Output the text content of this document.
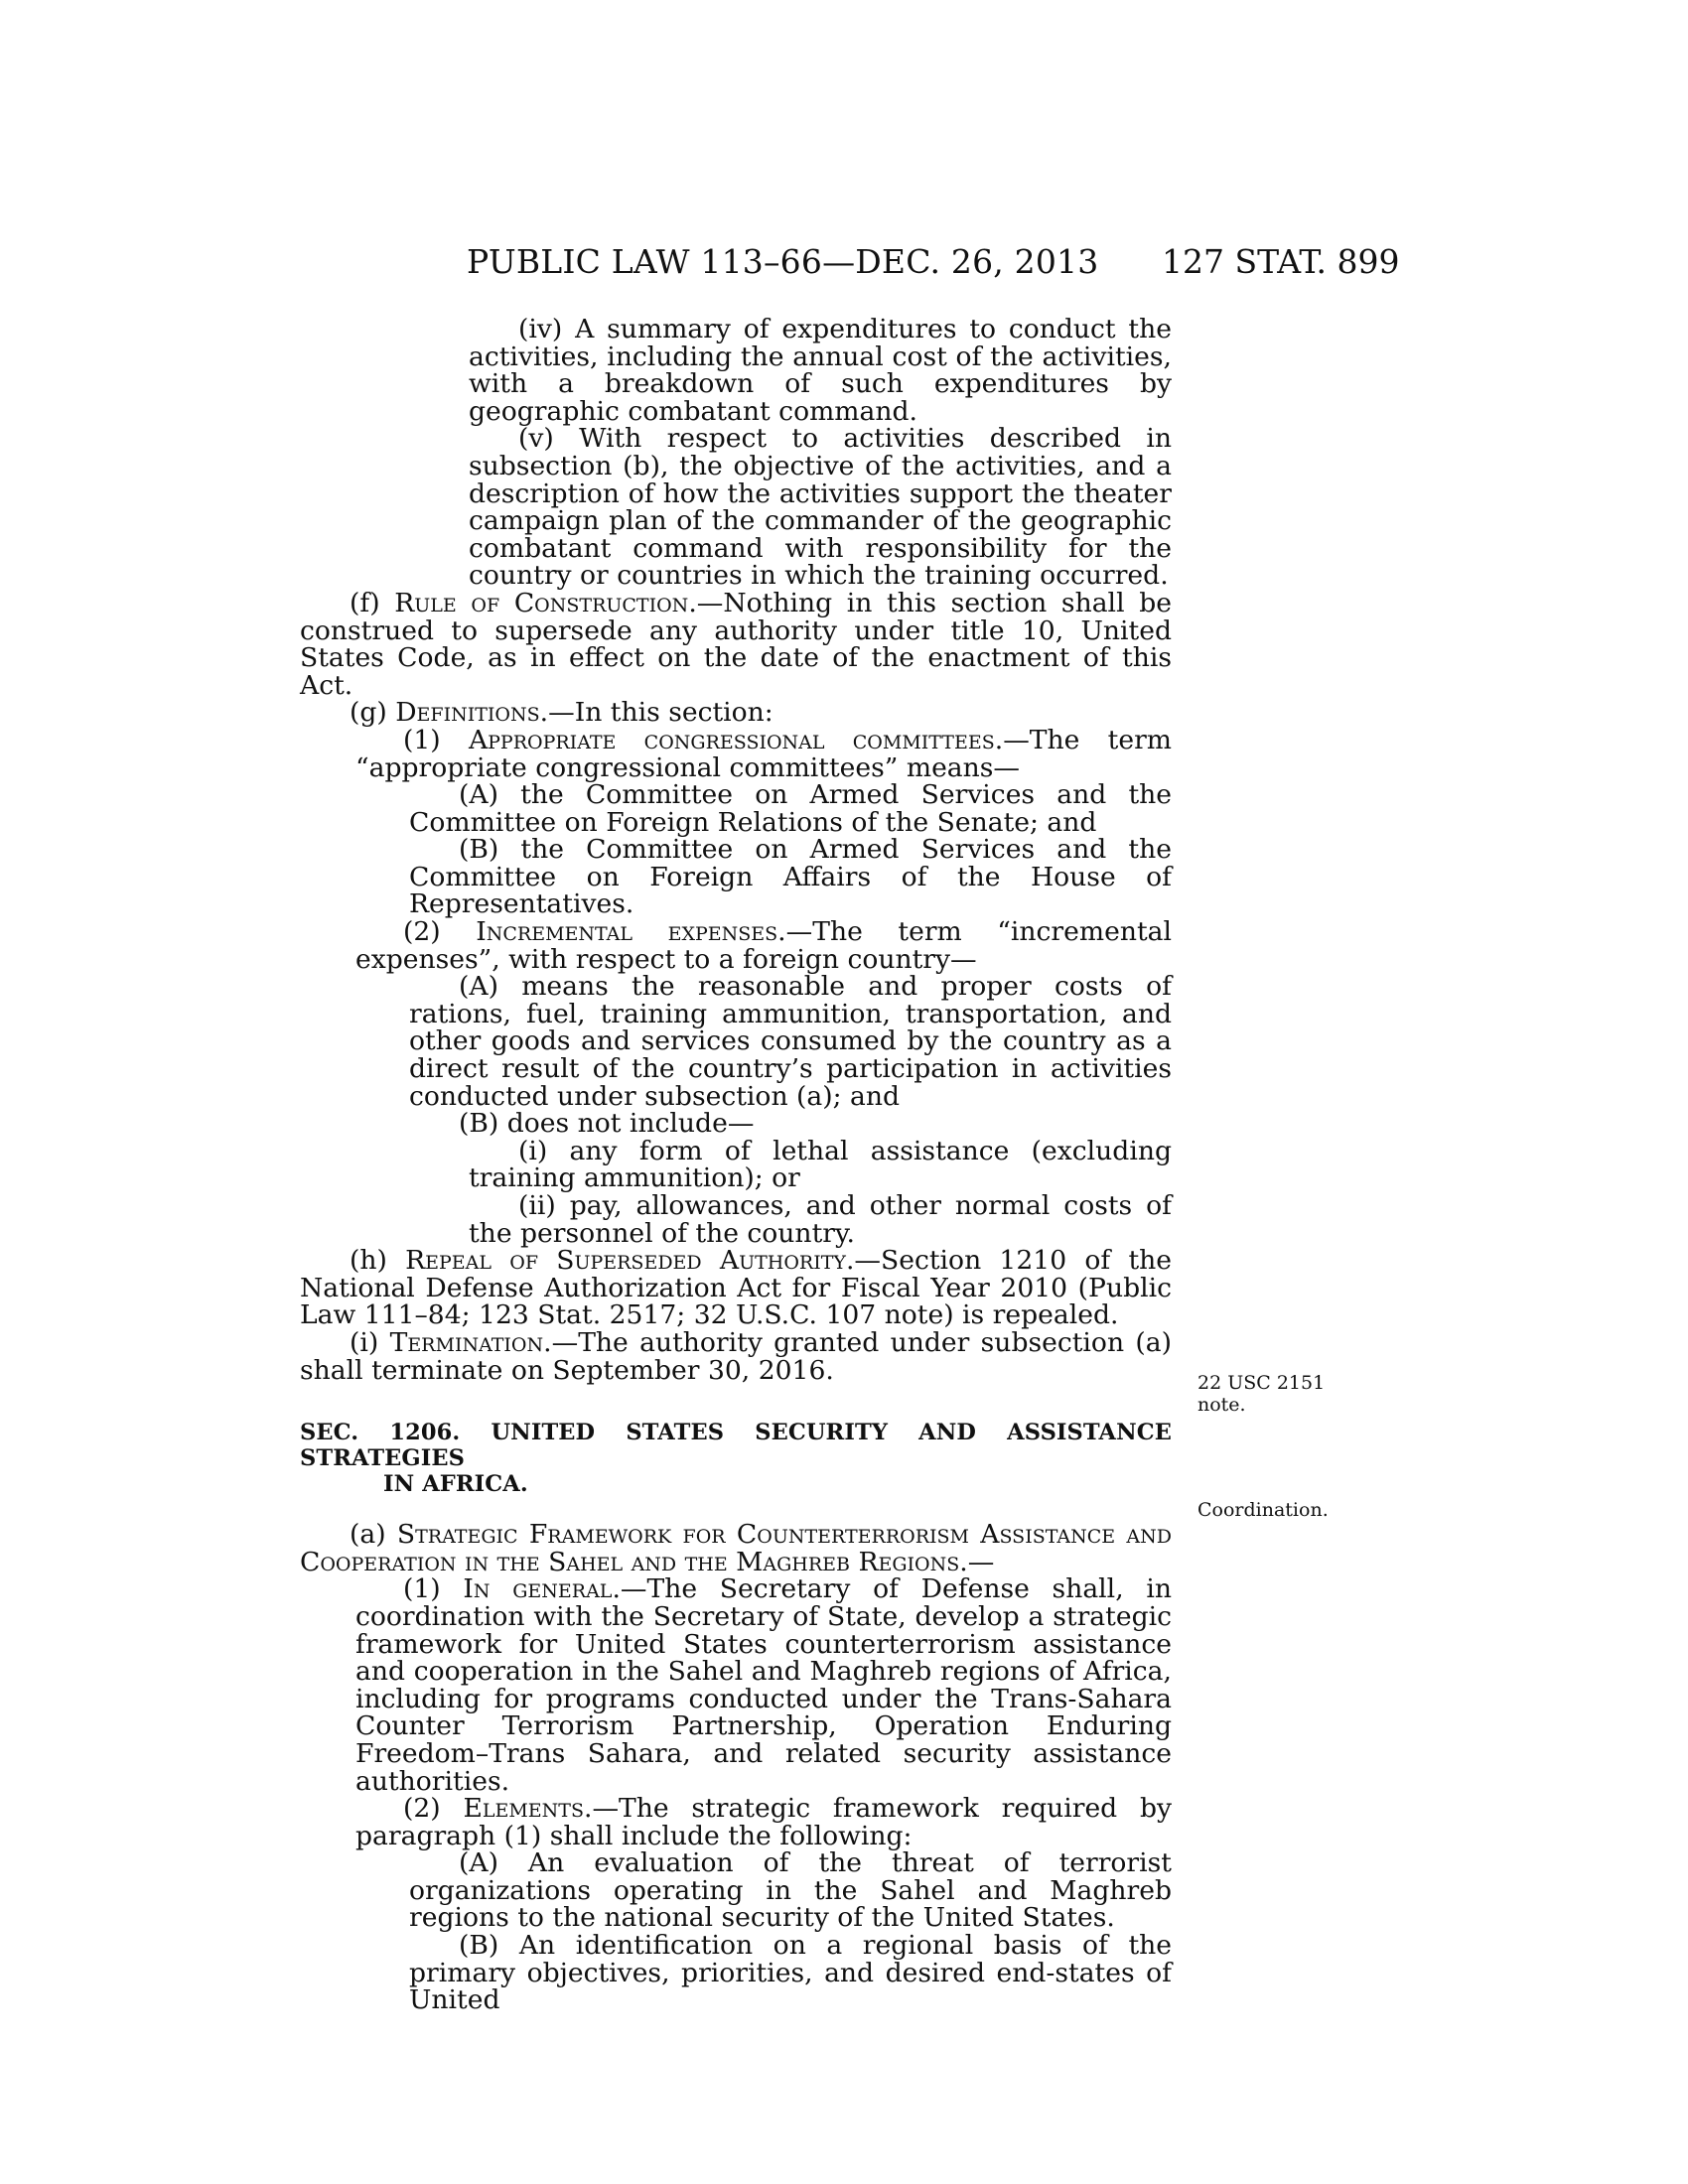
PUBLIC LAW 113–66—DEC. 26, 2013 127 STAT. 899

(iv) A summary of expenditures to conduct the activities, including the annual cost of the activities, with a breakdown of such expenditures by geographic combatant command.

(v) With respect to activities described in subsection (b), the objective of the activities, and a description of how the activities support the theater campaign plan of the commander of the geographic combatant command with responsibility for the country or countries in which the training occurred.

(f) Rule of Construction.—Nothing in this section shall be construed to supersede any authority under title 10, United States Code, as in effect on the date of the enactment of this Act.

(g) Definitions.—In this section:

(1) Appropriate congressional committees.—The term “appropriate congressional committees” means—

(A) the Committee on Armed Services and the Committee on Foreign Relations of the Senate; and

(B) the Committee on Armed Services and the Committee on Foreign Affairs of the House of Representatives.

(2) Incremental expenses.—The term “incremental expenses”, with respect to a foreign country—

(A) means the reasonable and proper costs of rations, fuel, training ammunition, transportation, and other goods and services consumed by the country as a direct result of the country’s participation in activities conducted under subsection (a); and

(B) does not include—

(i) any form of lethal assistance (excluding training ammunition); or

(ii) pay, allowances, and other normal costs of the personnel of the country.

(h) Repeal of Superseded Authority.—Section 1210 of the National Defense Authorization Act for Fiscal Year 2010 (Public Law 111–84; 123 Stat. 2517; 32 U.S.C. 107 note) is repealed.

(i) Termination.—The authority granted under subsection (a) shall terminate on September 30, 2016.

SEC. 1206. UNITED STATES SECURITY AND ASSISTANCE STRATEGIES
IN AFRICA.

(a) Strategic Framework for Counterterrorism Assistance and Cooperation in the Sahel and the Maghreb Regions.—

(1) In general.—The Secretary of Defense shall, in coordination with the Secretary of State, develop a strategic framework for United States counterterrorism assistance and cooperation in the Sahel and Maghreb regions of Africa, including for programs conducted under the Trans-Sahara Counter Terrorism Partnership, Operation Enduring Freedom–Trans Sahara, and related security assistance authorities.

(2) Elements.—The strategic framework required by paragraph (1) shall include the following:

(A) An evaluation of the threat of terrorist organizations operating in the Sahel and Maghreb regions to the national security of the United States.

(B) An identification on a regional basis of the primary objectives, priorities, and desired end-states of United

22 USC 2151
note.
Coordination.
